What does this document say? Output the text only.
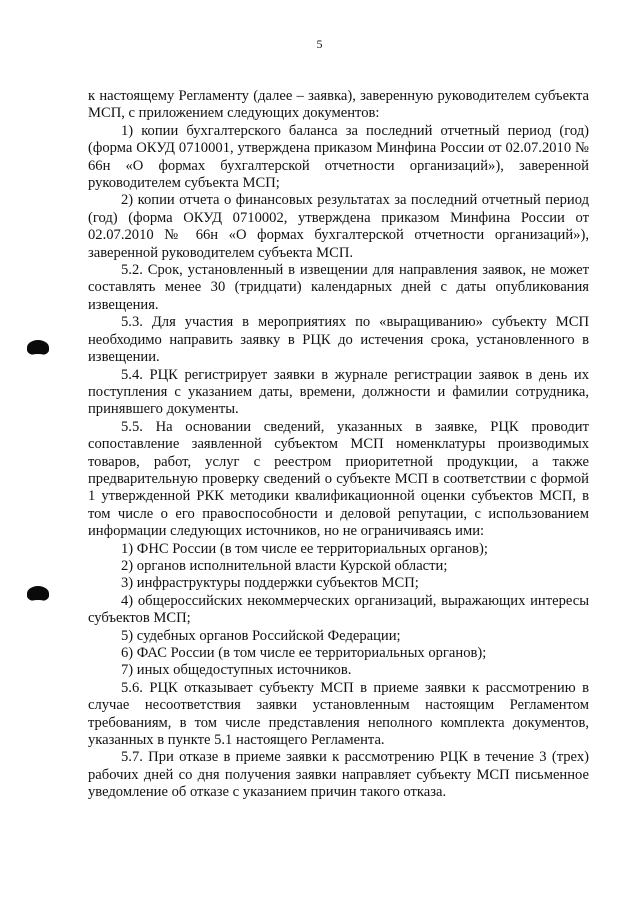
5

к настоящему Регламенту (далее – заявка), заверенную руководителем субъекта МСП, с приложением следующих документов:

1) копии бухгалтерского баланса за последний отчетный период (год) (форма ОКУД 0710001, утверждена приказом Минфина России от 02.07.2010 № 66н «О формах бухгалтерской отчетности организаций»), заверенной руководителем субъекта МСП;

2) копии отчета о финансовых результатах за последний отчетный период (год) (форма ОКУД 0710002, утверждена приказом Минфина России от 02.07.2010 № 66н «О формах бухгалтерской отчетности организаций»), заверенной руководителем субъекта МСП.

5.2. Срок, установленный в извещении для направления заявок, не может составлять менее 30 (тридцати) календарных дней с даты опубликования извещения.

5.3. Для участия в мероприятиях по «выращиванию» субъекту МСП необходимо направить заявку в РЦК до истечения срока, установленного в извещении.

5.4. РЦК регистрирует заявки в журнале регистрации заявок в день их поступления с указанием даты, времени, должности и фамилии сотрудника, принявшего документы.

5.5. На основании сведений, указанных в заявке, РЦК проводит сопоставление заявленной субъектом МСП номенклатуры производимых товаров, работ, услуг с реестром приоритетной продукции, а также предварительную проверку сведений о субъекте МСП в соответствии с формой 1 утвержденной РКК методики квалификационной оценки субъектов МСП, в том числе о его правоспособности и деловой репутации, с использованием информации следующих источников, но не ограничиваясь ими:

1) ФНС России (в том числе ее территориальных органов);

2) органов исполнительной власти Курской области;

3) инфраструктуры поддержки субъектов МСП;

4) общероссийских некоммерческих организаций, выражающих интересы субъектов МСП;

5) судебных органов Российской Федерации;

6) ФАС России (в том числе ее территориальных органов);

7) иных общедоступных источников.

5.6. РЦК отказывает субъекту МСП в приеме заявки к рассмотрению в случае несоответствия заявки установленным настоящим Регламентом требованиям, в том числе представления неполного комплекта документов, указанных в пункте 5.1 настоящего Регламента.

5.7. При отказе в приеме заявки к рассмотрению РЦК в течение 3 (трех) рабочих дней со дня получения заявки направляет субъекту МСП письменное уведомление об отказе с указанием причин такого отказа.
